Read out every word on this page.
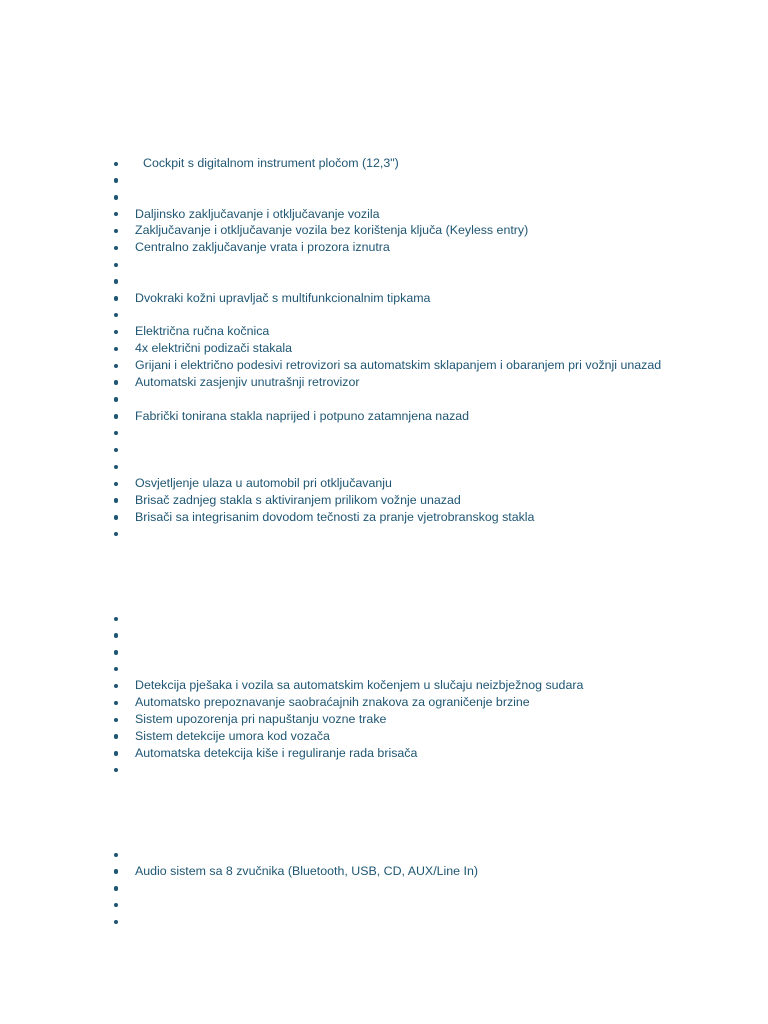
Cockpit s digitalnom instrument pločom (12,3")
Daljinsko zaključavanje i otključavanje vozila
Zaključavanje i otključavanje vozila bez korištenja ključa (Keyless entry)
Centralno zaključavanje vrata i prozora iznutra
Dvokraki kožni upravljač s multifunkcionalnim tipkama
Električna ručna kočnica
4x električni podizači stakala
Grijani i električno podesivi retrovizori sa automatskim sklapanjem i obaranjem pri vožnji unazad
Automatski zasjenjiv unutrašnji retrovizor
Fabrički tonirana stakla naprijed i potpuno zatamnjena nazad
Osvjetljenje ulaza u automobil pri otključavanju
Brisač zadnjeg stakla s aktiviranjem prilikom vožnje unazad
Brisači sa integrisanim dovodom tečnosti za pranje vjetrobranskog stakla
Detekcija pješaka i vozila sa automatskim kočenjem u slučaju neizbježnog sudara
Automatsko prepoznavanje saobraćajnih znakova za ograničenje brzine
Sistem upozorenja pri napuštanju vozne trake
Sistem detekcije umora kod vozača
Automatska detekcija kiše i reguliranje rada brisača
Audio sistem sa 8 zvučnika (Bluetooth, USB, CD, AUX/Line In)
